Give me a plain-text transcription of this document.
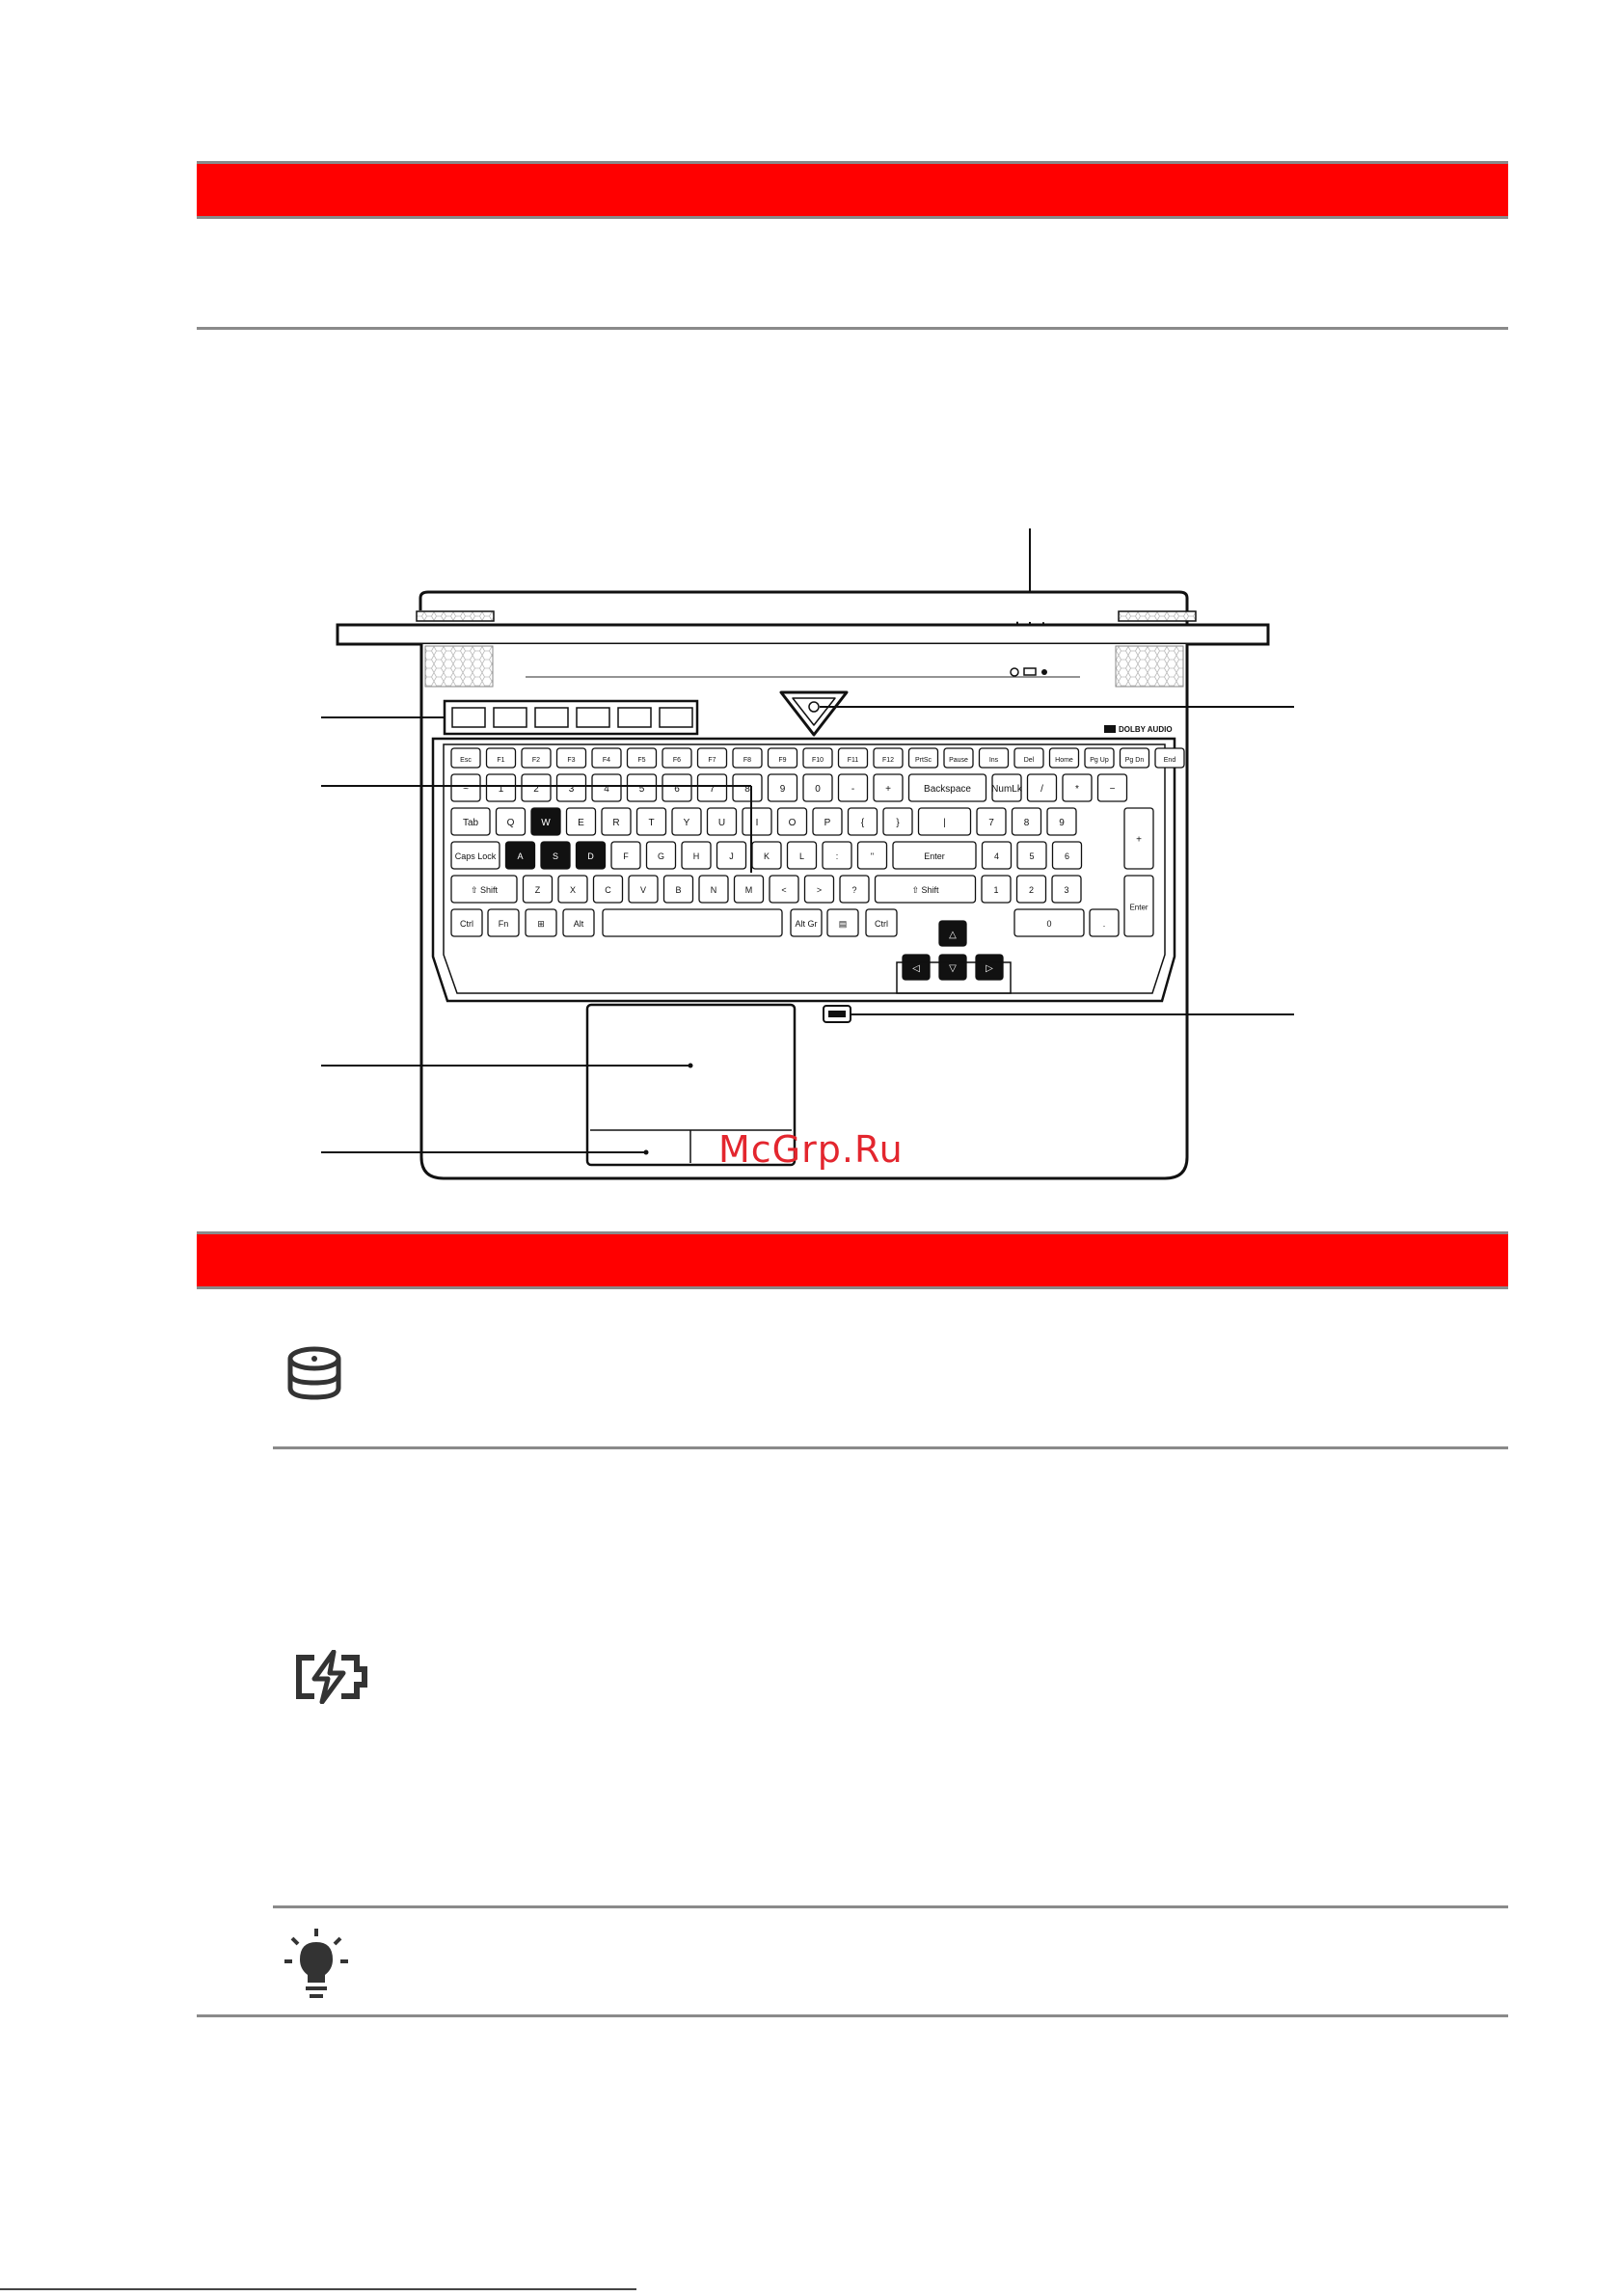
DOLBY AUDIO
Esc	F1	F2	F3	F4	F5	F6	F7	F8	F9	F10	F11	F12	PrtSc	Pause	Ins	Del	Home Pg Up Pg Dn	End
~	1	2	3	4	5	6	7	8	9	0	-	+	Backspace NumLk /	*	−
Tab	Q	W	E	R	T	Y	U	I	O	P	{	}	|	7	8	9
Caps Lock A	S	D	F	G	H	J	K	L	:	"	Enter	4	5	6
⇧ Shift	Z	X	C	V	B	N	M	<	>	?	⇧ Shift	1	2	3
Ctrl	Fn	⊞	Alt	Alt Gr ▤	Ctrl	0	.
+
Enter
△
◁	▽	▷
McGrp.Ru
